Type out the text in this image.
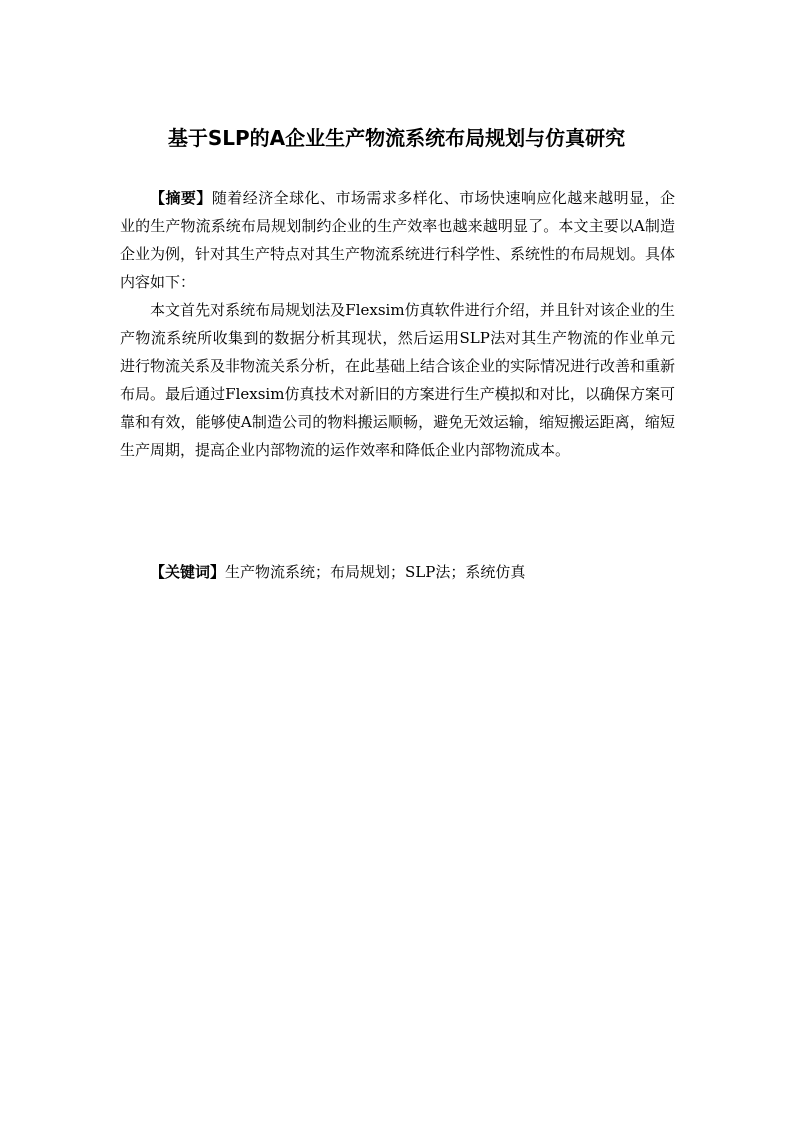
基于SLP的A企业生产物流系统布局规划与仿真研究

【摘要】随着经济全球化、市场需求多样化、市场快速响应化越来越明显，企业的生产物流系统布局规划制约企业的生产效率也越来越明显了。本文主要以A制造企业为例，针对其生产特点对其生产物流系统进行科学性、系统性的布局规划。具体内容如下：

本文首先对系统布局规划法及Flexsim仿真软件进行介绍，并且针对该企业的生产物流系统所收集到的数据分析其现状，然后运用SLP法对其生产物流的作业单元进行物流关系及非物流关系分析，在此基础上结合该企业的实际情况进行改善和重新布局。最后通过Flexsim仿真技术对新旧的方案进行生产模拟和对比，以确保方案可靠和有效，能够使A制造公司的物料搬运顺畅，避免无效运输，缩短搬运距离，缩短生产周期，提高企业内部物流的运作效率和降低企业内部物流成本。

【关键词】生产物流系统；布局规划；SLP法；系统仿真
